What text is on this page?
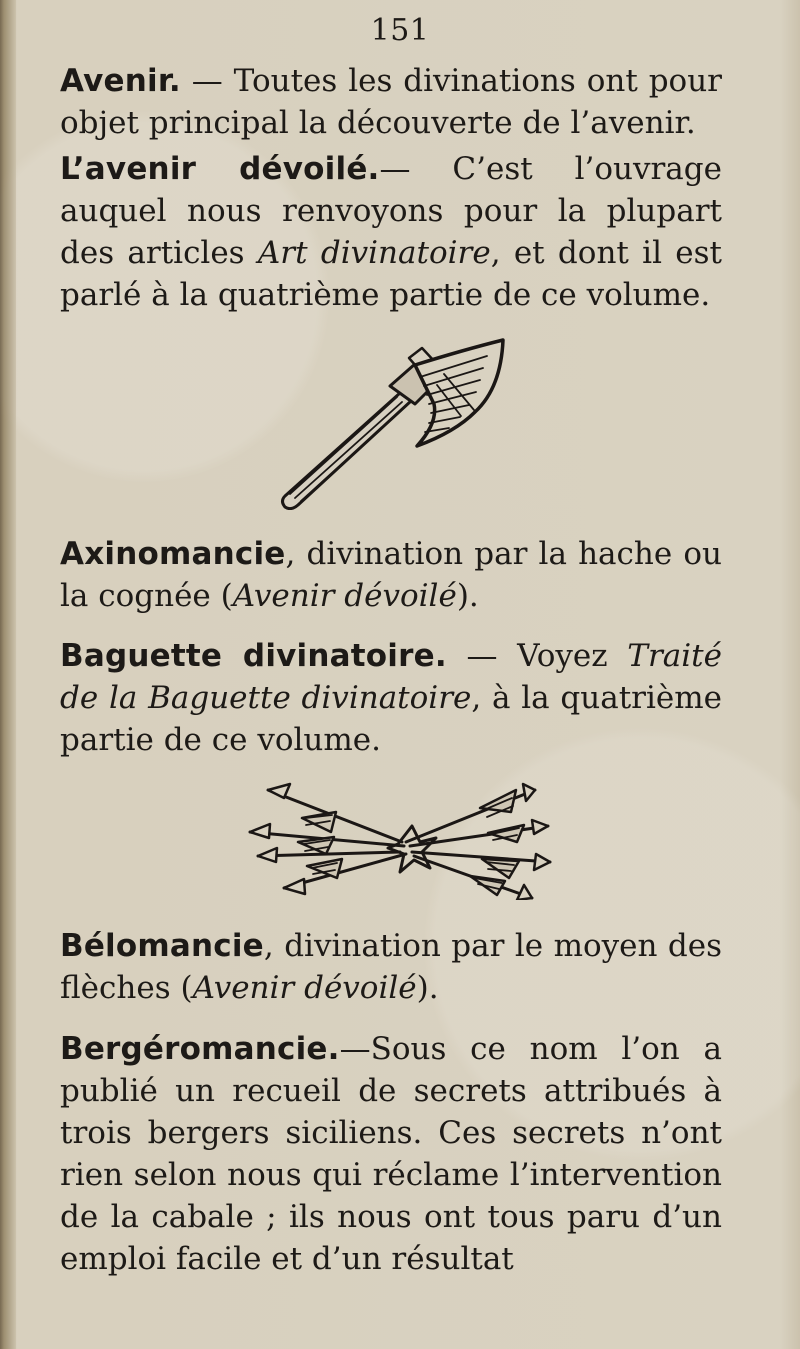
151
Avenir. — Toutes les divinations ont pour objet principal la découverte de l’avenir.
L’avenir dévoilé.— C’est l’ouvrage auquel nous renvoyons pour la plupart des articles Art divinatoire, et dont il est parlé à la quatrième partie de ce volume.
Axinomancie, divination par la hache ou la cognée (Avenir dévoilé).
Baguette divinatoire. — Voyez Traité de la Baguette divinatoire, à la quatrième partie de ce volume.
Bélomancie, divination par le moyen des flèches (Avenir dévoilé).
Bergéromancie.—Sous ce nom l’on a publié un recueil de secrets attribués à trois bergers siciliens. Ces secrets n’ont rien selon nous qui réclame l’intervention de la cabale ; ils nous ont tous paru d’un emploi facile et d’un résultat
